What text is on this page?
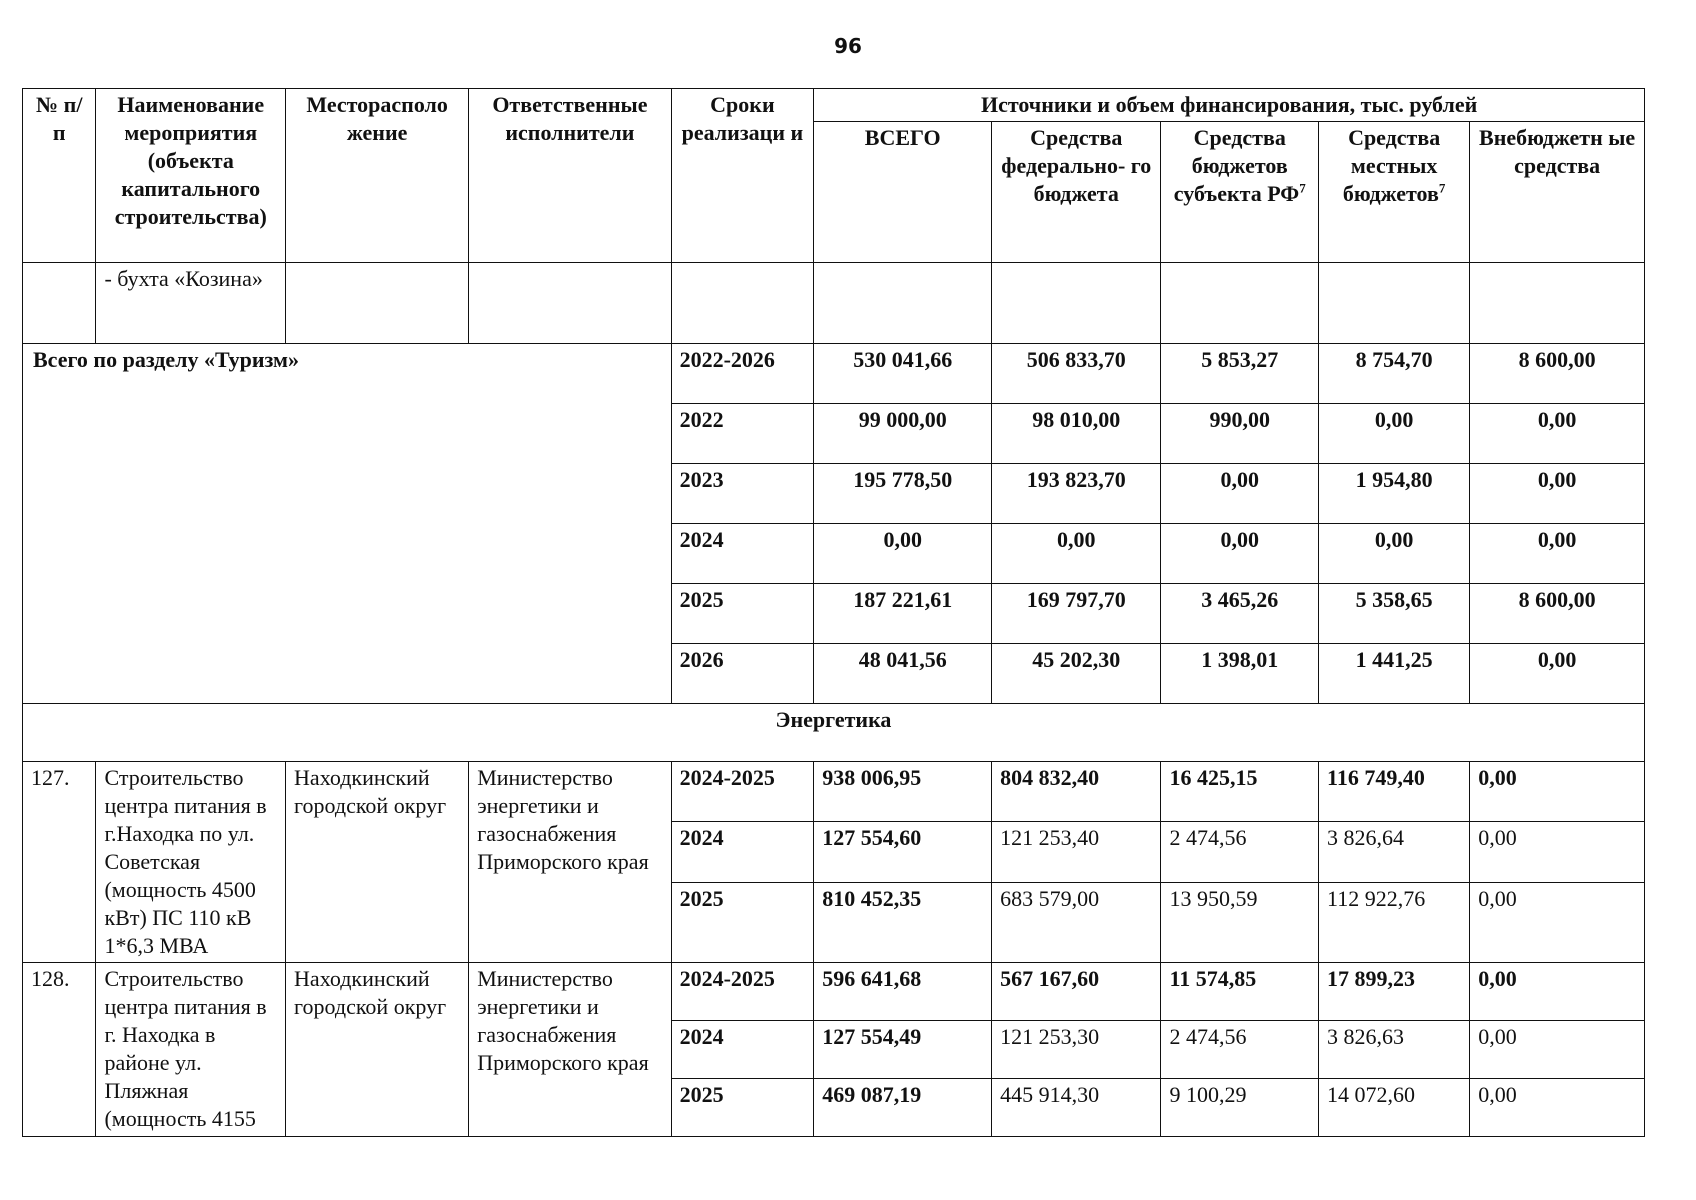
96
№ п/п	Наименование мероприятия (объекта капитального строительства)	Месторасполо жение	Ответственные исполнители	Сроки реализаци и	Источники и объем финансирования, тыс. рублей				
					ВСЕГО	Средства федерально- го бюджета	Средства бюджетов субъекта $РФ^7$	Средства местных бюджетов$^7$	Внебюджетн ые средства
	- бухта «Козина»								
Всего по разделу «Туризм»				2022-2026	530 041,66	506 833,70	5 853,27	8 754,70	8 600,00
				2022	99 000,00	98 010,00	990,00	0,00	0,00
				2023	195 778,50	193 823,70	0,00	1 954,80	0,00
				2024	0,00	0,00	0,00	0,00	0,00
				2025	187 221,61	169 797,70	3 465,26	5 358,65	8 600,00
				2026	48 041,56	45 202,30	1 398,01	1 441,25	0,00
Энергетика									
127.	Строительство центра питания в г.Находка по ул. Советская (мощность 4500 кВт) ПС 110 кВ 1*6,3 МВА	Находкинский городской округ	Министерство энергетики и газоснабжения Приморского края	2024-2025	938 006,95	804 832,40	16 425,15	116 749,40	0,00
				2024	127 554,60	121 253,40	2 474,56	3 826,64	0,00
				2025	810 452,35	683 579,00	13 950,59	112 922,76	0,00
128.	Строительство центра питания в г. Находка в районе ул. Пляжная (мощность 4155	Находкинский городской округ	Министерство энергетики и газоснабжения Приморского края	2024-2025	596 641,68	567 167,60	11 574,85	17 899,23	0,00
				2024	127 554,49	121 253,30	2 474,56	3 826,63	0,00
				2025	469 087,19	445 914,30	9 100,29	14 072,60	0,00
